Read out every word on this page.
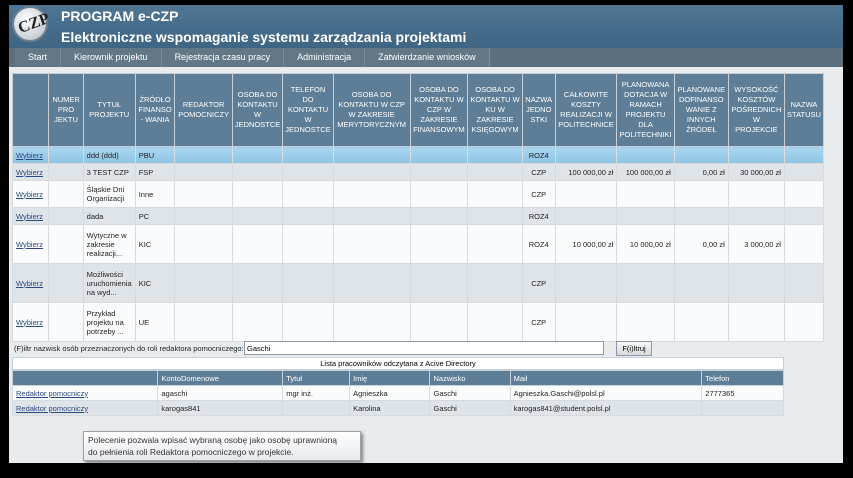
CZP PROGRAM e-CZP
Elektroniczne wspomaganie systemu zarządzania projektami
Start	Kierownik projektu	Rejestracja czasu pracy	Administracja	Zatwierdzanie wniosków
	NUMER PRO JEKTU	TYTUŁ PROJEKTU	ŹRÓDŁO FINANSO - WANIA	REDAKTOR POMOCNICZY	OSOBA DO KONTAKTU W JEDNOSTCE	TELEFON DO KONTAKTU W JEDNOSTCE	OSOBA DO KONTAKTU W CZP W ZAKRESIE MERYTORYCZNYM	OSOBA DO KONTAKTU W CZP W ZAKRESIE FINANSOWYM	OSOBA DO KONTAKTU W KU W ZAKRESIE KSIĘGOWYM	NAZWA JEDNO STKI	CAŁKOWITE KOSZTY REALIZACJI W POLITECHNICE	PLANOWANA DOTACJA W RAMACH PROJEKTU DLA POLITECHNIKI	PLANOWANE DOFINANSO WANIE Z INNYCH ŹRÓDEŁ	WYSOKOŚĆ KOSZTÓW POŚREDNICH W PROJEKCIE	NAZWA STATUSU
Wybierz		ddd (ddd)	PBU							ROZ4					
Wybierz		3 TEST CZP	FSP							CZP	100 000,00 zł	100 000,00 zł	0,00 zł	30 000,00 zł	
Wybierz		Śląskie Dni Organizacji	Inne							CZP					
Wybierz		dada	PC							ROZ4					
Wybierz		Wytyczne w zakresie realizacji...	KIC							ROZ4	10 000,00 zł	10 000,00 zł	0,00 zł	3 000,00 zł	
Wybierz		Możliwości uruchomienia na wyd...	KIC							CZP					
Wybierz		Przykład projektu na potrzeby ...	UE							CZP					
(F)iltr nazwisk osób przeznaczonych do roli redaktora pomocniczego:
Gaschi	F(i)ltruj
Lista pracowników odczytana z Acive Directory
	KontoDomenowe	Tytuł	Imię	Nazwisko	Mail	Telefon
Redaktor pomocniczy	agaschi	mgr inż.	Agnieszka	Gaschi	Agnieszka.Gaschi@polsl.pl	2777365
Redaktor pomocniczy	karogas841		Karolina	Gaschi	karogas841@student.polsl.pl	
Polecenie pozwala wpisać wybraną osobę jako osobę uprawnioną
do pełnienia roli Redaktora pomocniczego w projekcie.
